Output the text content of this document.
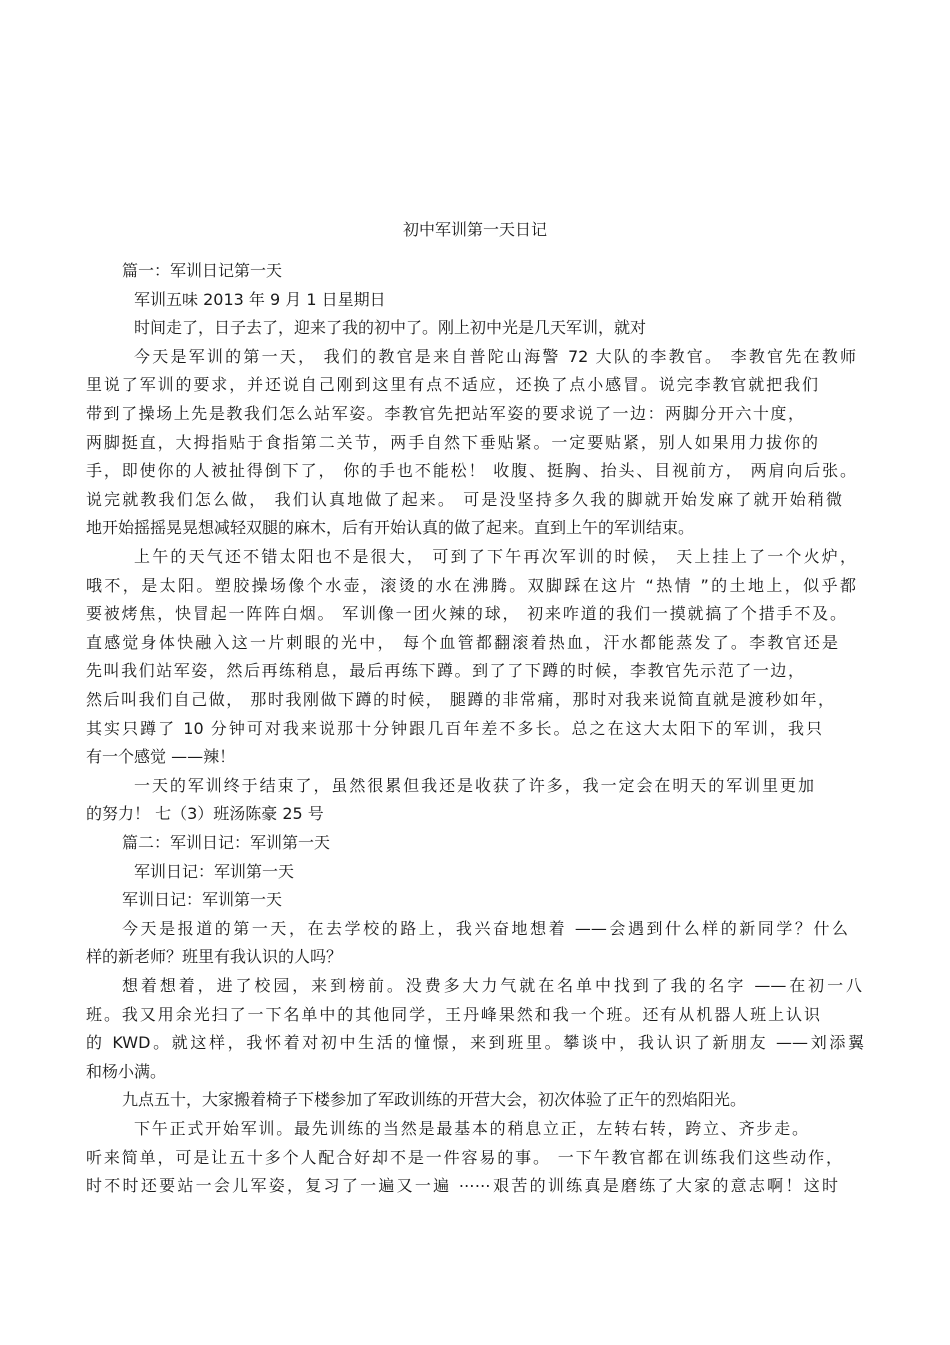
初中军训第一天日记
篇一：军训日记第一天
军训五味 2013 年 9 月 1 日星期日
时间走了，日子去了，迎来了我的初中了。刚上初中光是几天军训，就对
今天是军训的第一天， 我们的教官是来自普陀山海警 72 大队的李教官。 李教官先在教师
里说了军训的要求，并还说自己刚到这里有点不适应，还换了点小感冒。说完李教官就把我们
带到了操场上先是教我们怎么站军姿。李教官先把站军姿的要求说了一边：两脚分开六十度，
两脚挺直，大拇指贴于食指第二关节，两手自然下垂贴紧。一定要贴紧，别人如果用力拔你的
手，即使你的人被扯得倒下了， 你的手也不能松！ 收腹、挺胸、抬头、目视前方， 两肩向后张。
说完就教我们怎么做， 我们认真地做了起来。 可是没坚持多久我的脚就开始发麻了就开始稍微
地开始摇摇晃晃想减轻双腿的麻木，后有开始认真的做了起来。直到上午的军训结束。
上午的天气还不错太阳也不是很大， 可到了下午再次军训的时候， 天上挂上了一个火炉，
哦不，是太阳。塑胶操场像个水壶，滚烫的水在沸腾。双脚踩在这片 “热情 ”的土地上，似乎都
要被烤焦，快冒起一阵阵白烟。 军训像一团火辣的球， 初来咋道的我们一摸就搞了个措手不及。
直感觉身体快融入这一片刺眼的光中， 每个血管都翻滚着热血，汗水都能蒸发了。李教官还是
先叫我们站军姿，然后再练稍息，最后再练下蹲。到了了下蹲的时候，李教官先示范了一边，
然后叫我们自己做， 那时我刚做下蹲的时候， 腿蹲的非常痛，那时对我来说简直就是渡秒如年，
其实只蹲了 10 分钟可对我来说那十分钟跟几百年差不多长。总之在这大太阳下的军训，我只
有一个感觉 ——辣！
一天的军训终于结束了，虽然很累但我还是收获了许多，我一定会在明天的军训里更加
的努力！ 七（3）班汤陈豪 25 号
篇二：军训日记：军训第一天
军训日记：军训第一天
军训日记：军训第一天
今天是报道的第一天，在去学校的路上，我兴奋地想着 ——会遇到什么样的新同学？什么
样的新老师？班里有我认识的人吗？
想着想着，进了校园，来到榜前。没费多大力气就在名单中找到了我的名字 ——在初一八
班。我又用余光扫了一下名单中的其他同学，王丹峰果然和我一个班。还有从机器人班上认识
的 KWD。就这样，我怀着对初中生活的憧憬，来到班里。攀谈中，我认识了新朋友 ——刘添翼
和杨小满。
九点五十，大家搬着椅子下楼参加了军政训练的开营大会，初次体验了正午的烈焰阳光。
下午正式开始军训。最先训练的当然是最基本的稍息立正，左转右转，跨立、齐步走。
听来简单，可是让五十多个人配合好却不是一件容易的事。 一下午教官都在训练我们这些动作，
时不时还要站一会儿军姿，复习了一遍又一遍 ⋯⋯艰苦的训练真是磨练了大家的意志啊！这时
